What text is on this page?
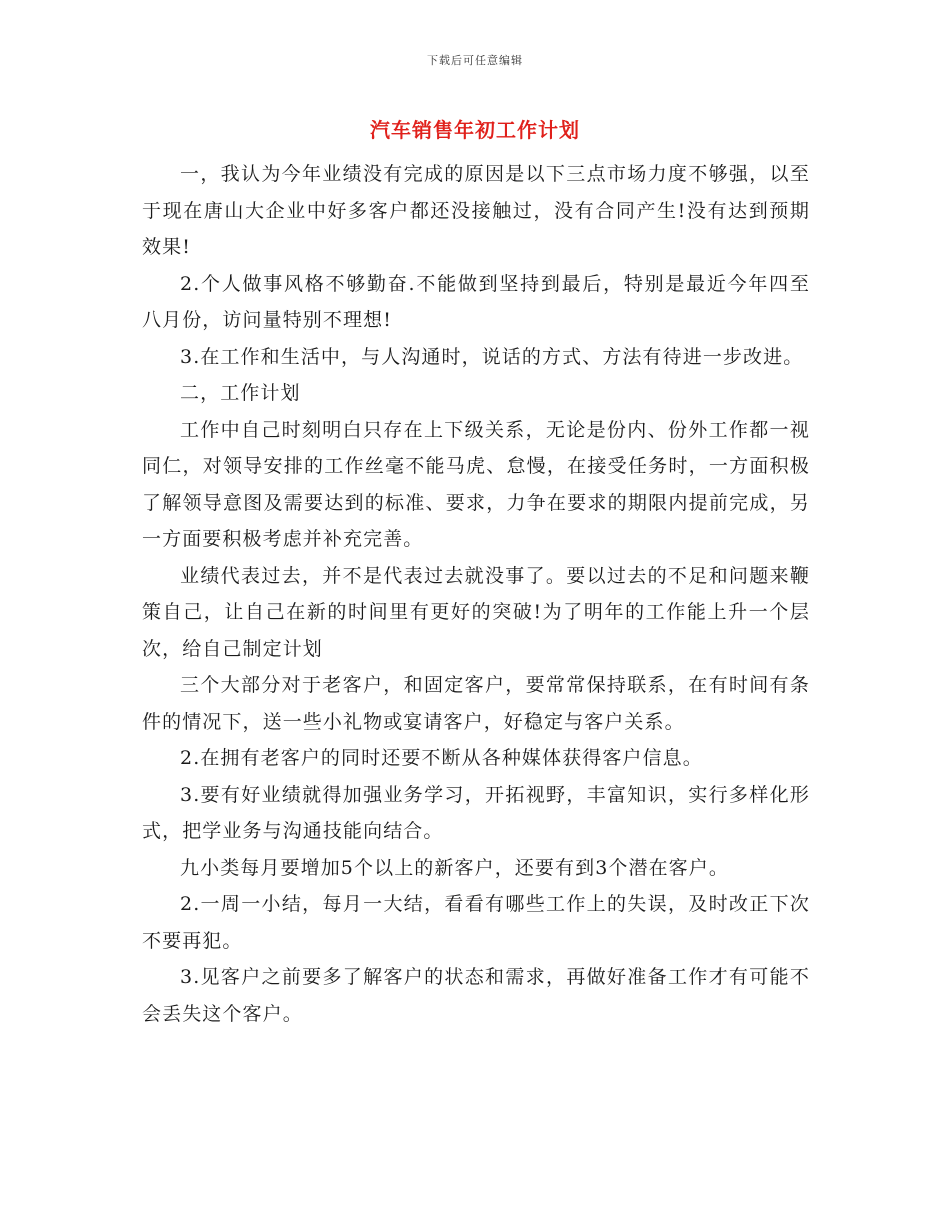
下载后可任意编辑
汽车销售年初工作计划

一，我认为今年业绩没有完成的原因是以下三点市场力度不够强，以至于现在唐山大企业中好多客户都还没接触过，没有合同产生!没有达到预期效果!

2.个人做事风格不够勤奋.不能做到坚持到最后，特别是最近今年四至八月份，访问量特别不理想!

3.在工作和生活中，与人沟通时，说话的方式、方法有待进一步改进。

二，工作计划

工作中自己时刻明白只存在上下级关系，无论是份内、份外工作都一视同仁，对领导安排的工作丝毫不能马虎、怠慢，在接受任务时，一方面积极了解领导意图及需要达到的标准、要求，力争在要求的期限内提前完成，另一方面要积极考虑并补充完善。

业绩代表过去，并不是代表过去就没事了。要以过去的不足和问题来鞭策自己，让自己在新的时间里有更好的突破!为了明年的工作能上升一个层次，给自己制定计划

三个大部分对于老客户，和固定客户，要常常保持联系，在有时间有条件的情况下，送一些小礼物或宴请客户，好稳定与客户关系。

2.在拥有老客户的同时还要不断从各种媒体获得客户信息。

3.要有好业绩就得加强业务学习，开拓视野，丰富知识，实行多样化形式，把学业务与沟通技能向结合。

九小类每月要增加5个以上的新客户，还要有到3个潜在客户。

2.一周一小结，每月一大结，看看有哪些工作上的失误，及时改正下次不要再犯。

3.见客户之前要多了解客户的状态和需求，再做好准备工作才有可能不会丢失这个客户。
